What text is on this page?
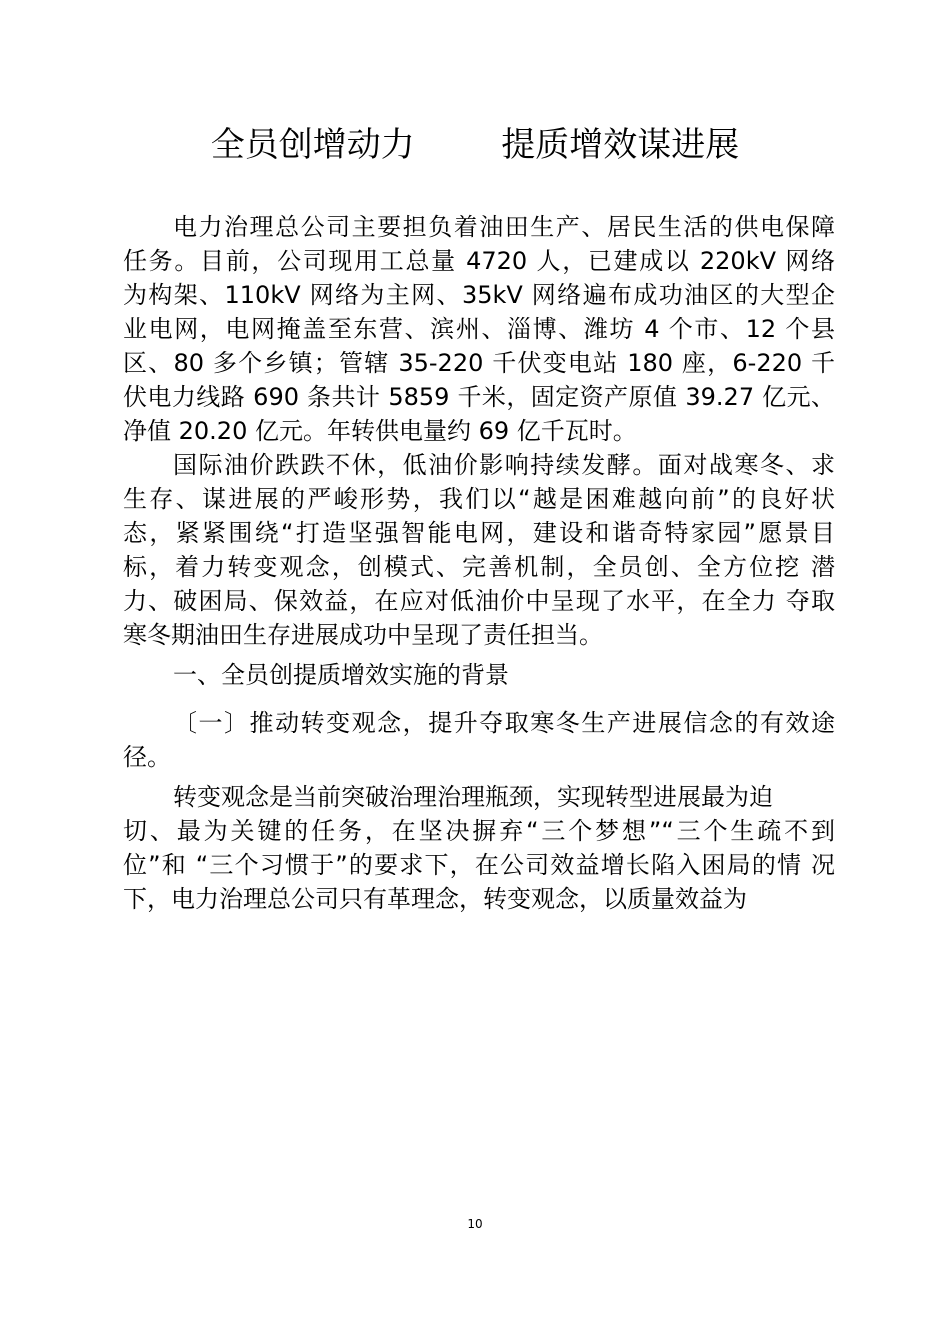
全员创增动力        提质增效谋进展
电力治理总公司主要担负着油田生产、居民生活的供电保障
任务。目前，公司现用工总量 4720 人，已建成以 220kV 网络
为构架、110kV 网络为主网、35kV 网络遍布成功油区的大型企
业电网，电网掩盖至东营、滨州、淄博、潍坊 4 个市、12 个县
区、80 多个乡镇；管辖 35-220 千伏变电站 180 座，6-220 千
伏电力线路 690 条共计 5859 千米，固定资产原值 39.27 亿元、
净值 20.20 亿元。年转供电量约 69 亿千瓦时。
国际油价跌跌不休，低油价影响持续发酵。面对战寒冬、求
生存、谋进展的严峻形势，我们以“越是困难越向前”的良好状
态，紧紧围绕“打造坚强智能电网，建设和谐奇特家园”愿景目
标，着力转变观念，创模式、完善机制，全员创、全方位挖 潜
力、破困局、保效益，在应对低油价中呈现了水平，在全力 夺取
寒冬期油田生存进展成功中呈现了责任担当。
一、全员创提质增效实施的背景
〔一〕推动转变观念，提升夺取寒冬生产进展信念的有效途
径。
转变观念是当前突破治理治理瓶颈，实现转型进展最为迫
切、最为关键的任务，在坚决摒弃“三个梦想”“三个生疏不到
位”和 “三个习惯于”的要求下，在公司效益增长陷入困局的情 况
下，电力治理总公司只有革理念，转变观念，以质量效益为
10
